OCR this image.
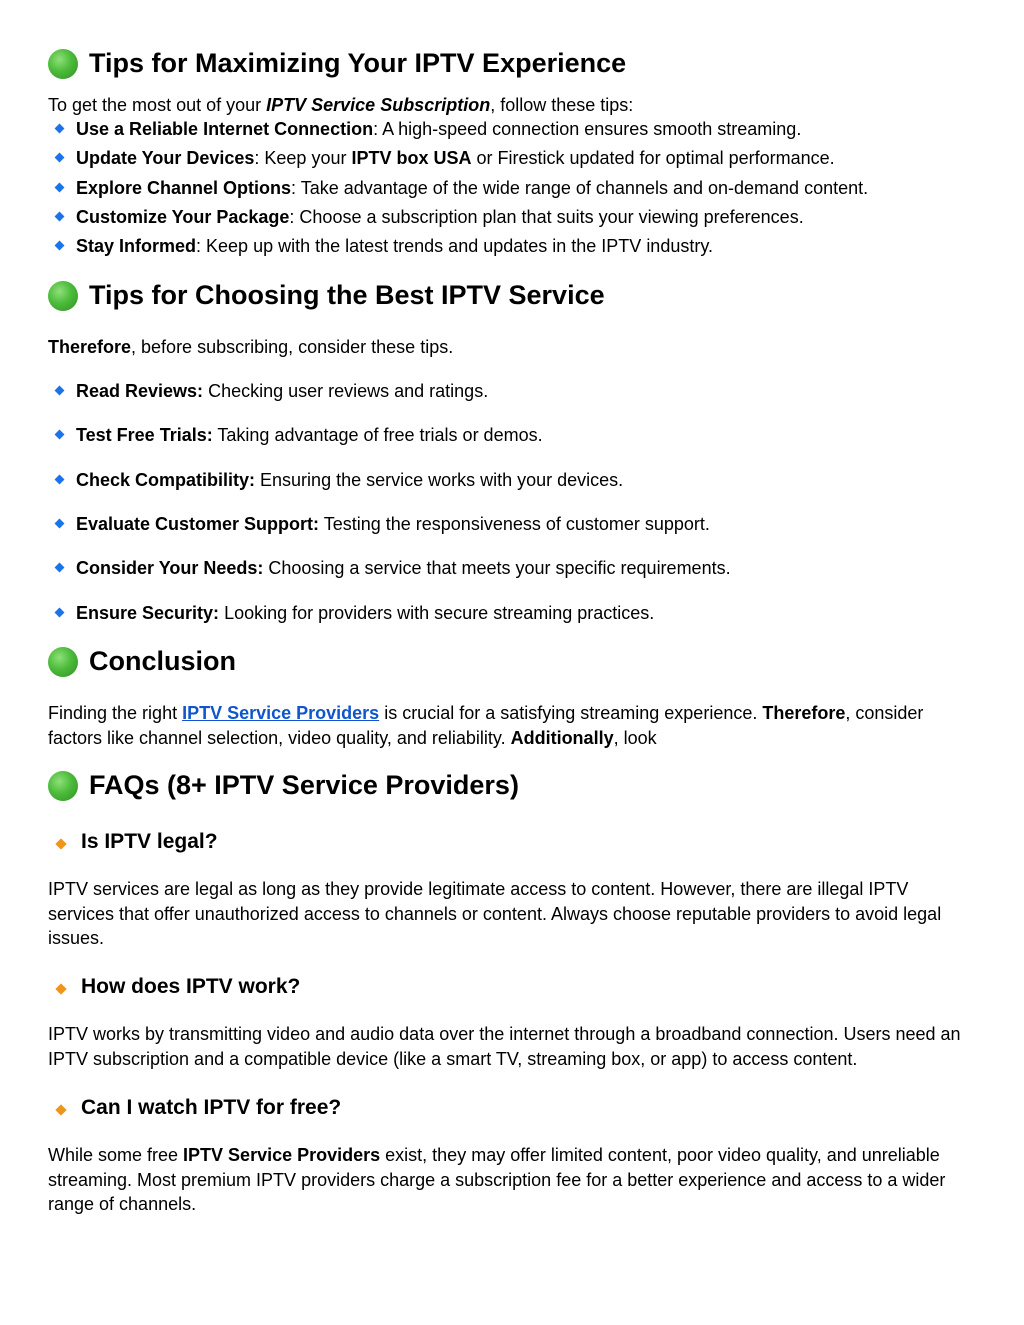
Tips for Maximizing Your IPTV Experience

To get the most out of your IPTV Service Subscription, follow these tips:

Use a Reliable Internet Connection: A high-speed connection ensures smooth streaming.
Update Your Devices: Keep your IPTV box USA or Firestick updated for optimal performance.
Explore Channel Options: Take advantage of the wide range of channels and on-demand content.
Customize Your Package: Choose a subscription plan that suits your viewing preferences.
Stay Informed: Keep up with the latest trends and updates in the IPTV industry.
Tips for Choosing the Best IPTV Service

Therefore, before subscribing, consider these tips.

Read Reviews: Checking user reviews and ratings.
Test Free Trials: Taking advantage of free trials or demos.
Check Compatibility: Ensuring the service works with your devices.
Evaluate Customer Support: Testing the responsiveness of customer support.
Consider Your Needs: Choosing a service that meets your specific requirements.
Ensure Security: Looking for providers with secure streaming practices.
Conclusion

Finding the right IPTV Service Providers is crucial for a satisfying streaming experience. Therefore, consider factors like channel selection, video quality, and reliability. Additionally, look

FAQs (8+ IPTV Service Providers)
Is IPTV legal?

IPTV services are legal as long as they provide legitimate access to content. However, there are illegal IPTV services that offer unauthorized access to channels or content. Always choose reputable providers to avoid legal issues.

How does IPTV work?

IPTV works by transmitting video and audio data over the internet through a broadband connection. Users need an IPTV subscription and a compatible device (like a smart TV, streaming box, or app) to access content.

Can I watch IPTV for free?

While some free IPTV Service Providers exist, they may offer limited content, poor video quality, and unreliable streaming. Most premium IPTV providers charge a subscription fee for a better experience and access to a wider range of channels.
